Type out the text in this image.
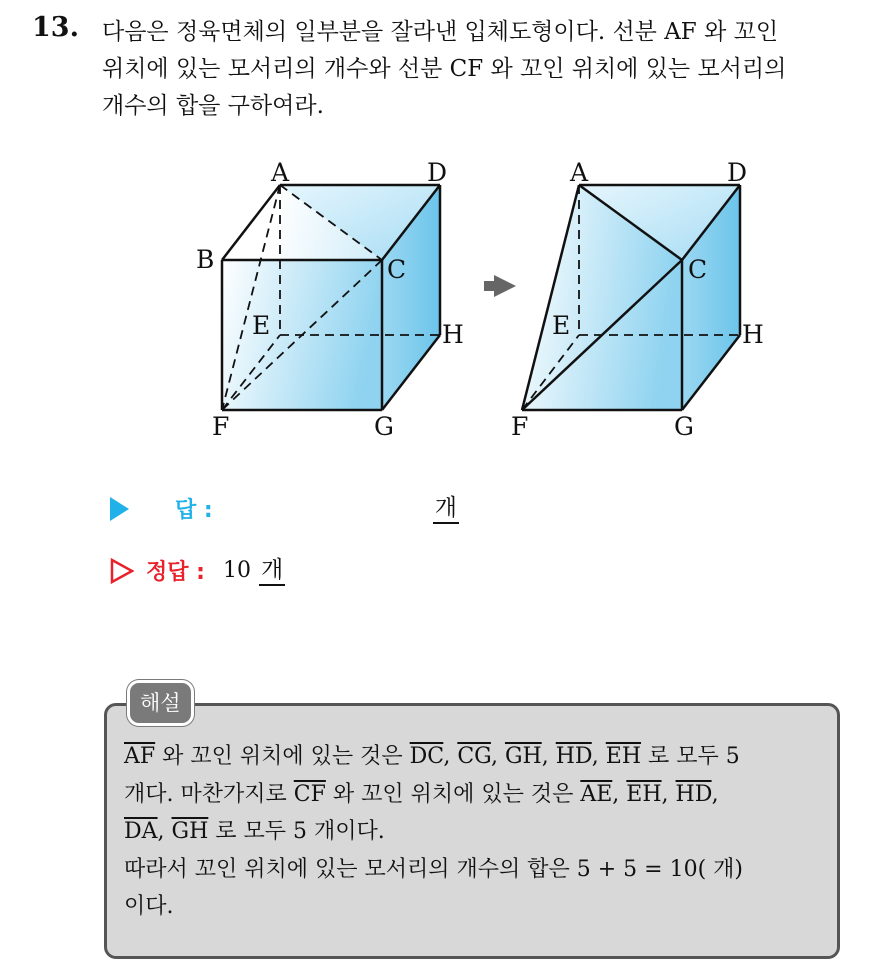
13. 다음은 정육면체의 일부분을 잘라낸 입체도형이다. 선분 AF 와 꼬인
위치에 있는 모서리의 개수와 선분 CF 와 꼬인 위치에 있는 모서리의
개수의 합을 구하여라.
A	D
B	C
E	H
F	G
A	D
C
E	H
F	G
답 :	개
정답 : 10 개
해설
$\overline{AF}$ 와 꼬인 위치에 있는 것은 $\overline{DC}$, $\overline{CG}$, $\overline{GH}$, $\overline{HD}$, $\overline{EH}$ 로 모두 5
개다. 마찬가지로 $\overline{CF}$ 와 꼬인 위치에 있는 것은 $\overline{AE}$, $\overline{EH}$, $\overline{HD}$,
$\overline{DA}$, $\overline{GH}$ 로 모두 5 개이다.
따라서 꼬인 위치에 있는 모서리의 개수의 합은 5 + 5 = 10( 개)
이다.
